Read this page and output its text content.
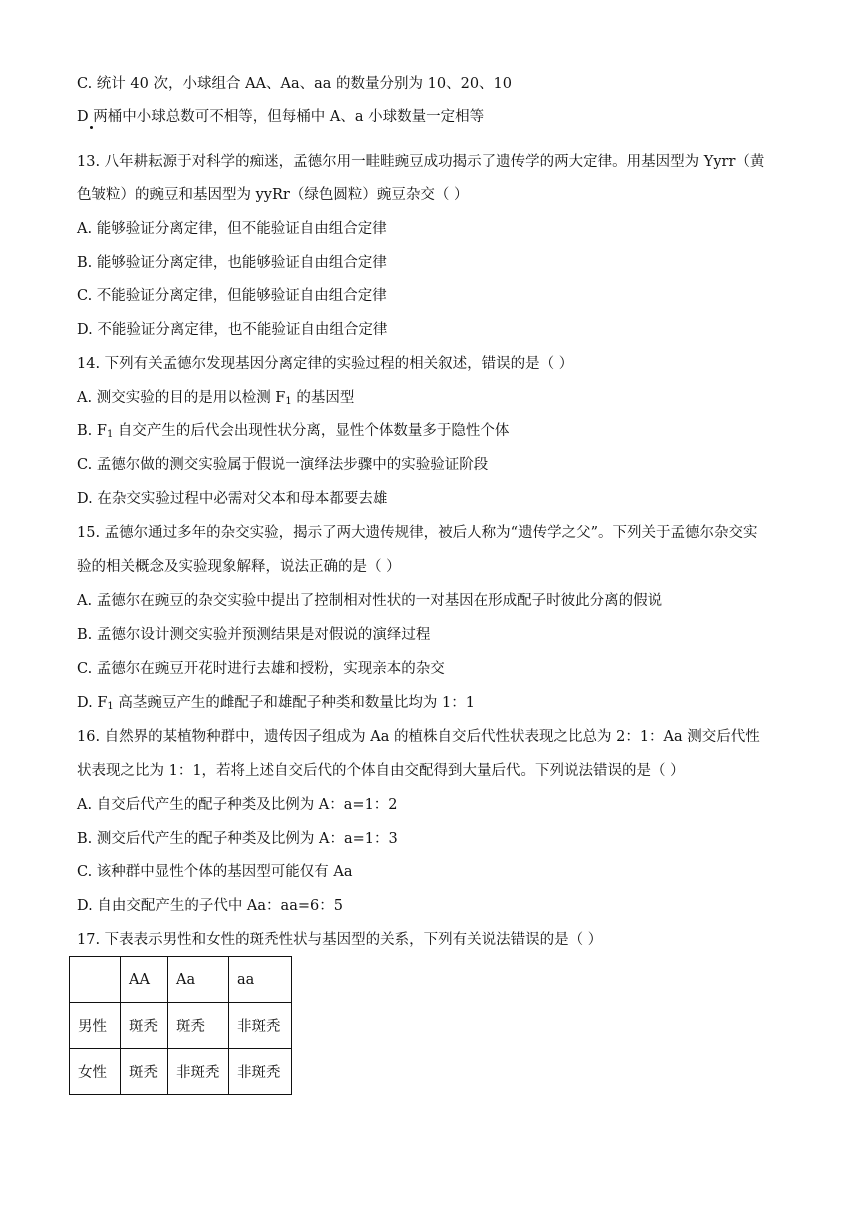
C. 统计 40 次，小球组合 AA、Aa、aa 的数量分别为 10、20、10
D 两桶中小球总数可不相等，但每桶中 A、a 小球数量一定相等
13. 八年耕耘源于对科学的痴迷，孟德尔用一畦畦豌豆成功揭示了遗传学的两大定律。用基因型为 Yyrr（黄
色皱粒）的豌豆和基因型为 yyRr（绿色圆粒）豌豆杂交（ ）
A. 能够验证分离定律，但不能验证自由组合定律
B. 能够验证分离定律，也能够验证自由组合定律
C. 不能验证分离定律，但能够验证自由组合定律
D. 不能验证分离定律，也不能验证自由组合定律
14. 下列有关孟德尔发现基因分离定律的实验过程的相关叙述，错误的是（ ）
A. 测交实验的目的是用以检测 $F_1$ 的基因型
B. $F_1$ 自交产生的后代会出现性状分离，显性个体数量多于隐性个体
C. 孟德尔做的测交实验属于假说一演绎法步骤中的实验验证阶段
D. 在杂交实验过程中必需对父本和母本都要去雄
15. 孟德尔通过多年的杂交实验，揭示了两大遗传规律，被后人称为“遗传学之父”。下列关于孟德尔杂交实
验的相关概念及实验现象解释，说法正确的是（ ）
A. 孟德尔在豌豆的杂交实验中提出了控制相对性状的一对基因在形成配子时彼此分离的假说
B. 孟德尔设计测交实验并预测结果是对假说的演绎过程
C. 孟德尔在豌豆开花时进行去雄和授粉，实现亲本的杂交
D. $F_1$ 高茎豌豆产生的雌配子和雄配子种类和数量比均为 1：1
16. 自然界的某植物种群中，遗传因子组成为 Aa 的植株自交后代性状表现之比总为 2：1：Aa 测交后代性
状表现之比为 1：1，若将上述自交后代的个体自由交配得到大量后代。下列说法错误的是（ ）
A. 自交后代产生的配子种类及比例为 A：a=1：2
B. 测交后代产生的配子种类及比例为 A：a=1：3
C. 该种群中显性个体的基因型可能仅有 Aa
D. 自由交配产生的子代中 Aa：aa=6：5
17. 下表表示男性和女性的斑秃性状与基因型的关系，下列有关说法错误的是（ ）
	AA	Aa	aa
男性	斑秃	斑秃	非斑秃
女性	斑秃	非斑秃	非斑秃
